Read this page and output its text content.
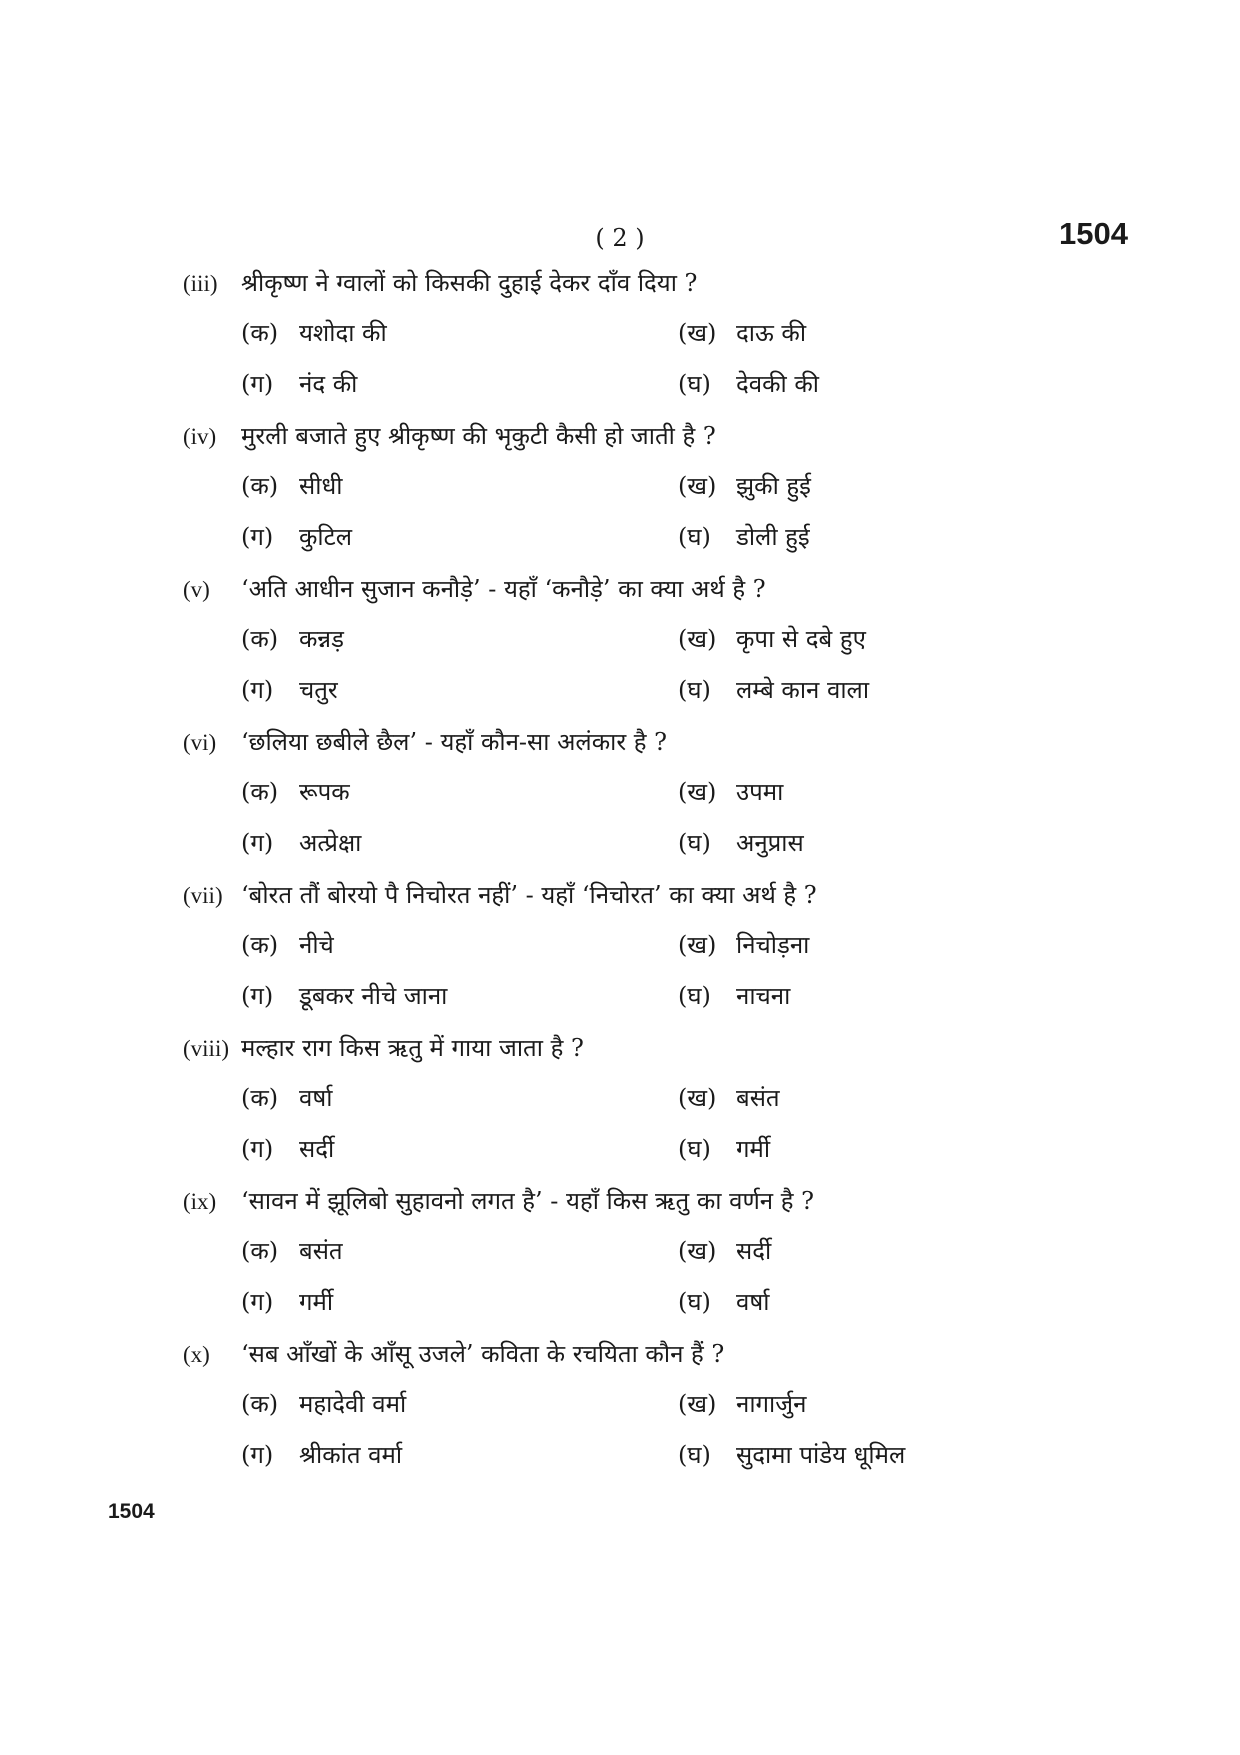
( 2 )	1504
(iii) श्रीकृष्ण ने ग्वालों को किसकी दुहाई देकर दाँव दिया ?
(क) यशोदा की	(ख) दाऊ की
(ग) नंद की	(घ) देवकी की
(iv) मुरली बजाते हुए श्रीकृष्ण की भृकुटी कैसी हो जाती है ?
(क) सीधी	(ख) झुकी हुई
(ग) कुटिल	(घ) डोली हुई
(v) ‘अति आधीन सुजान कनौड़े’ - यहाँ ‘कनौड़े’ का क्या अर्थ है ?
(क) कन्नड़	(ख) कृपा से दबे हुए
(ग) चतुर	(घ) लम्बे कान वाला
(vi) ‘छलिया छबीले छैल’ - यहाँ कौन-सा अलंकार है ?
(क) रूपक	(ख) उपमा
(ग) अत्प्रेक्षा	(घ) अनुप्रास
(vii) ‘बोरत तौं बोरयो पै निचोरत नहीं’ - यहाँ ‘निचोरत’ का क्या अर्थ है ?
(क) नीचे	(ख) निचोड़ना
(ग) डूबकर नीचे जाना	(घ) नाचना
(viii) मल्हार राग किस ऋतु में गाया जाता है ?
(क) वर्षा	(ख) बसंत
(ग) सर्दी	(घ) गर्मी
(ix) ‘सावन में झूलिबो सुहावनो लगत है’ - यहाँ किस ऋतु का वर्णन है ?
(क) बसंत	(ख) सर्दी
(ग) गर्मी	(घ) वर्षा
(x) ‘सब आँखों के आँसू उजले’ कविता के रचयिता कौन हैं ?
(क) महादेवी वर्मा	(ख) नागार्जुन
(ग) श्रीकांत वर्मा	(घ) सुदामा पांडेय धूमिल
1504
